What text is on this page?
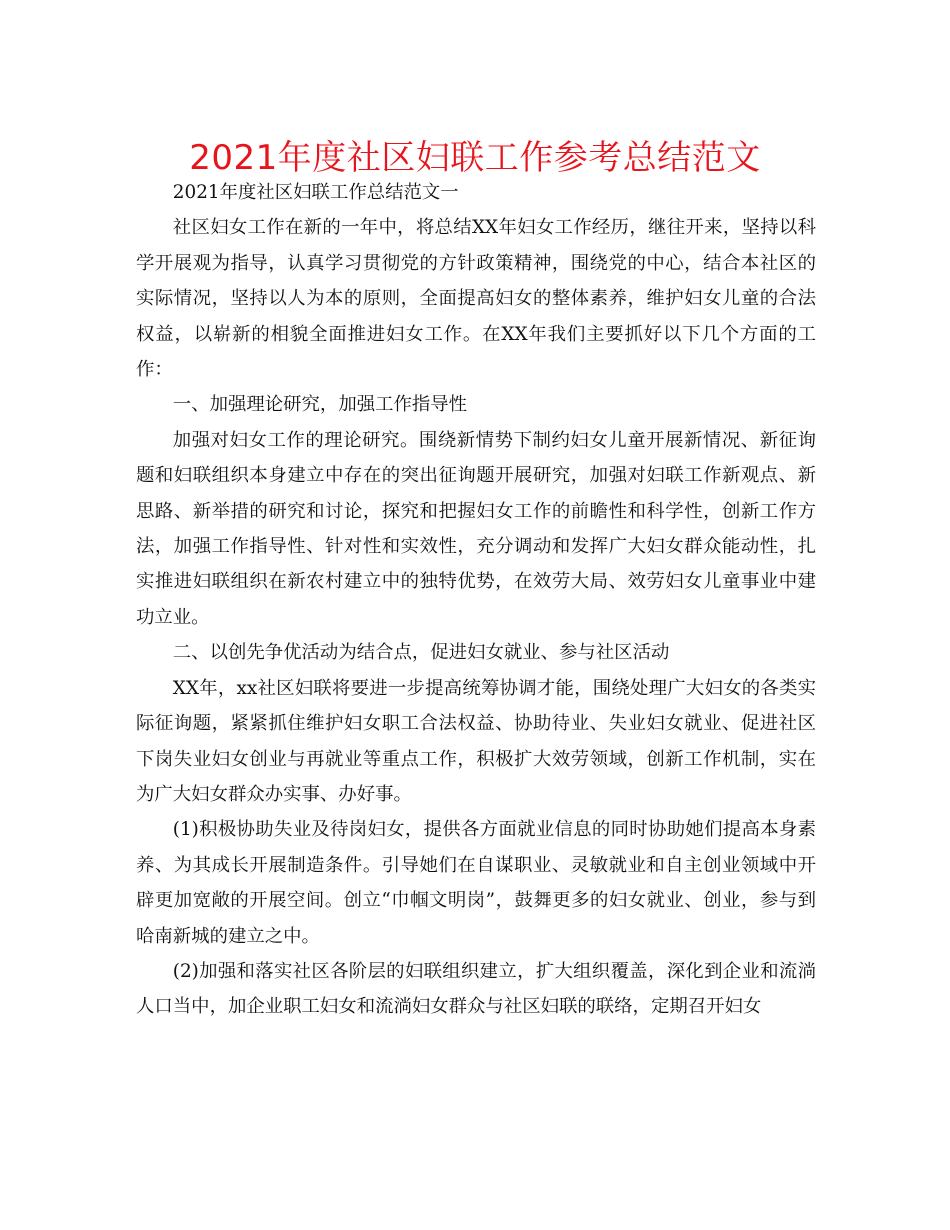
2021年度社区妇联工作参考总结范文

2021年度社区妇联工作总结范文一

社区妇女工作在新的一年中，将总结XX年妇女工作经历，继往开来，坚持以科学开展观为指导，认真学习贯彻党的方针政策精神，围绕党的中心，结合本社区的实际情况，坚持以人为本的原则，全面提高妇女的整体素养，维护妇女儿童的合法权益，以崭新的相貌全面推进妇女工作。在XX年我们主要抓好以下几个方面的工作：

一、加强理论研究，加强工作指导性

加强对妇女工作的理论研究。围绕新情势下制约妇女儿童开展新情况、新征询题和妇联组织本身建立中存在的突出征询题开展研究，加强对妇联工作新观点、新思路、新举措的研究和讨论，探究和把握妇女工作的前瞻性和科学性，创新工作方法，加强工作指导性、针对性和实效性，充分调动和发挥广大妇女群众能动性，扎实推进妇联组织在新农村建立中的独特优势，在效劳大局、效劳妇女儿童事业中建功立业。

二、以创先争优活动为结合点，促进妇女就业、参与社区活动

XX年，xx社区妇联将要进一步提高统筹协调才能，围绕处理广大妇女的各类实际征询题，紧紧抓住维护妇女职工合法权益、协助待业、失业妇女就业、促进社区下岗失业妇女创业与再就业等重点工作，积极扩大效劳领域，创新工作机制，实在为广大妇女群众办实事、办好事。

(1)积极协助失业及待岗妇女，提供各方面就业信息的同时协助她们提高本身素养、为其成长开展制造条件。引导她们在自谋职业、灵敏就业和自主创业领域中开辟更加宽敞的开展空间。创立“巾帼文明岗”，鼓舞更多的妇女就业、创业，参与到哈南新城的建立之中。

(2)加强和落实社区各阶层的妇联组织建立，扩大组织覆盖，深化到企业和流淌人口当中，加企业职工妇女和流淌妇女群众与社区妇联的联络，定期召开妇女
